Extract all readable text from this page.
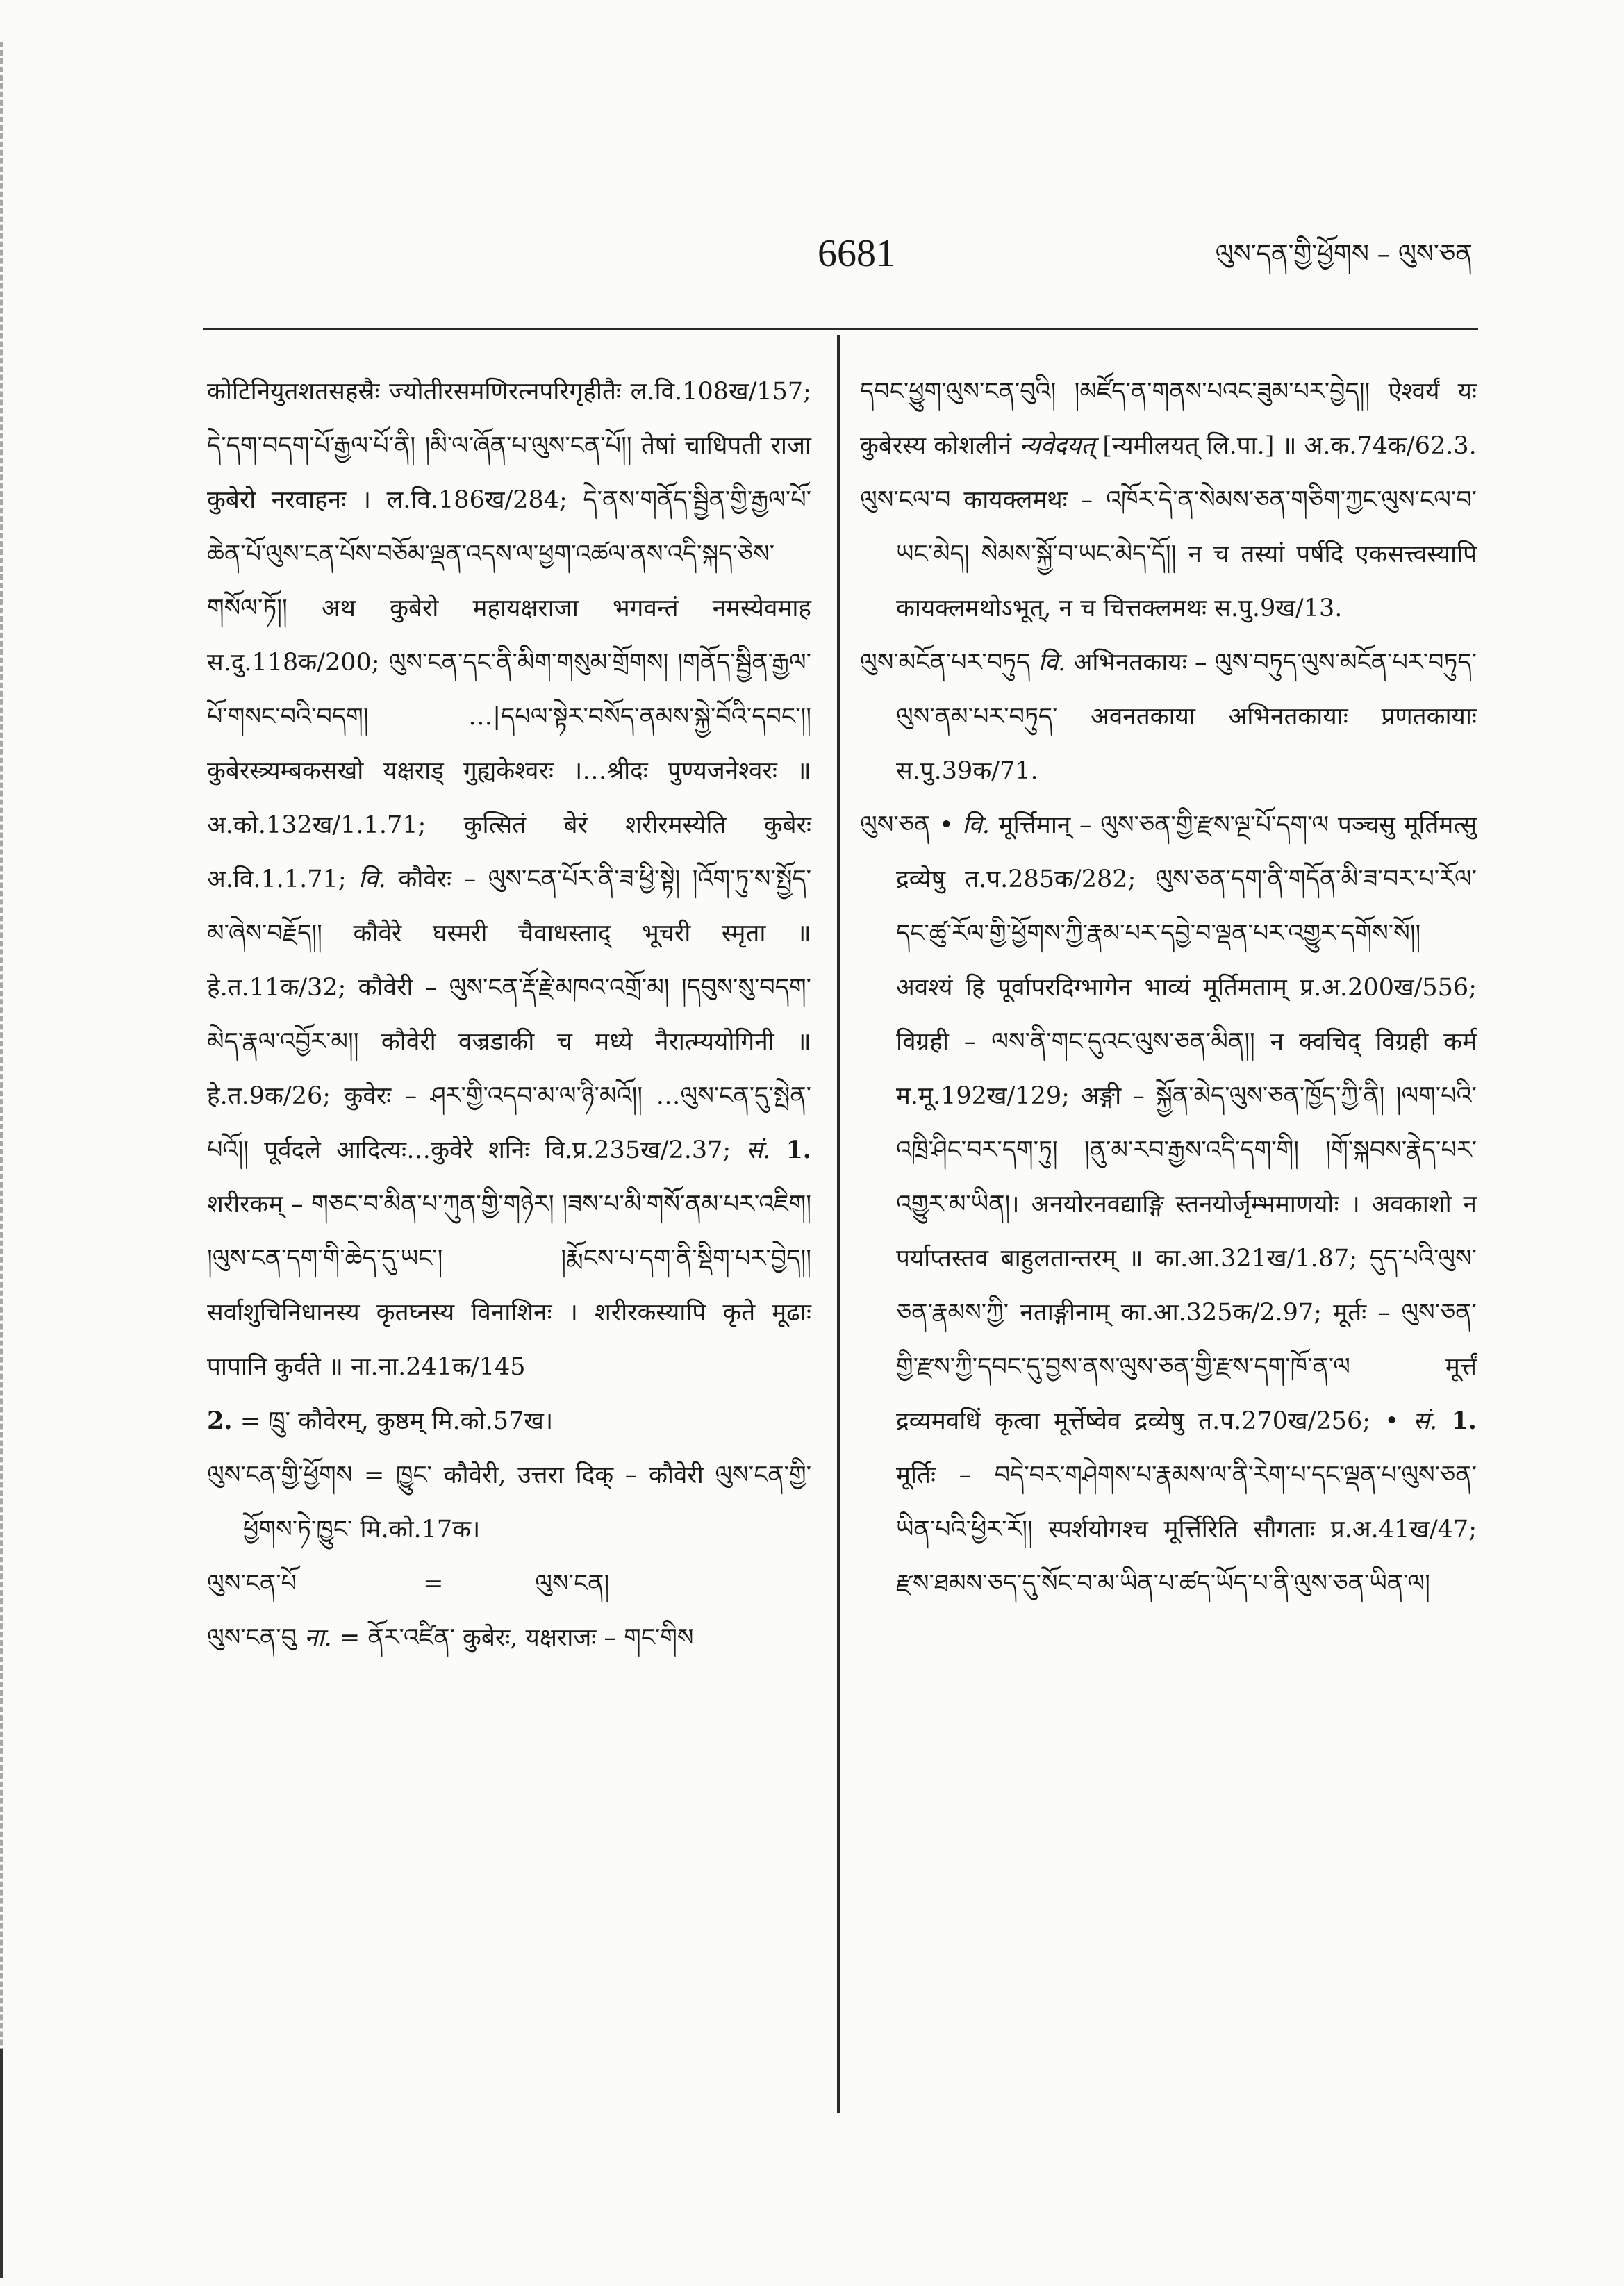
6681	ལུས་དན་གྱི་ཕྱོགས – ལུས་ཅན

कोटिनियुतशतसहस्रैः ज्योतीरसमणिरत्नपरिगृहीतैः ल.वि.108ख/157; དེ་དག་བདག་པོ་རྒྱལ་པོ་ནི། །མི་ལ་ཞོན་པ་ལུས་ངན་པོ།། तेषां चाधिपती राजा कुबेरो नरवाहनः । ल.वि.186ख/284; དེ་ནས་གནོད་སྦྱིན་གྱི་རྒྱལ་པོ་ཆེན་པོ་ལུས་ངན་པོས་བཅོམ་ལྡན་འདས་ལ་ཕྱག་འཚལ་ནས་འདི་སྐད་ཅེས་གསོལ་ཏོ།། अथ कुबेरो महायक्षराजा भगवन्तं नमस्येवमाह स.दु.118क/200; ལུས་ངན་དང་ནི་མིག་གསུམ་གྲོགས། །གནོད་སྦྱིན་རྒྱལ་པོ་གསང་བའི་བདག། …|དཔལ་སྟེར་བསོད་ནམས་སྐྱེ་བོའི་དབང་།། कुबेरस्त्र्यम्बकसखो यक्षराड् गुह्यकेश्वरः ।…श्रीदः पुण्यजनेश्वरः ॥ अ.को.132ख/1.1.71; कुत्सितं बेरं शरीरमस्येति कुबेरः अ.वि.1.1.71; वि. कौवेरः – ལུས་ངན་པོར་ནི་ཟ་ཕྱི་སྟེ། །འོག་ཏུ་ས་སྤྱོད་མ་ཞེས་བརྗོད།། कौवेरे घस्मरी चैवाधस्ताद् भूचरी स्मृता ॥ हे.त.11क/32; कौवेरी – ལུས་ངན་རྡོ་རྗེ་མཁའ་འགྲོ་མ། །དབུས་སུ་བདག་མེད་རྣལ་འབྱོར་མ།། कौवेरी वज्रडाकी च मध्ये नैरात्म्ययोगिनी ॥ हे.त.9क/26; कुवेरः – ཤར་གྱི་འདབ་མ་ལ་ཉི་མའོ།། …ལུས་ངན་དུ་སྤེན་པའོ།། पूर्वदले आदित्यः…कुवेरे शनिः वि.प्र.235ख/2.37; सं. 1. शरीरकम् – གཅང་བ་མིན་པ་ཀུན་གྱི་གཉེར། །ཟས་པ་མི་གསོ་ནམ་པར་འཇིག། །ལུས་ངན་དག་གི་ཆེད་དུ་ཡང་། །རྨོངས་པ་དག་ནི་སྡིག་པར་བྱེད།། सर्वाशुचिनिधानस्य कृतघ्नस्य विनाशिनः । शरीरकस्यापि कृते मूढाः पापानि कुर्वते ॥ ना.ना.241क/145
2. = ཁྲུ་ कौवेरम्, कुष्ठम् मि.को.57ख।

ལུས་ངན་གྱི་ཕྱོགས = ཁྱུང་ कौवेरी, उत्तरा दिक् – कौवेरी ལུས་ངན་གྱི་ཕྱོགས་ཏེ་ཁྱུང་ मि.को.17क।

ལུས་ངན་པོ	=	ལུས་ངན།

ལུས་ངན་བུ ना. = ནོར་འཛིན་ कुबेरः, यक्षराजः – གང་གིས

དབང་ཕྱུག་ལུས་ངན་བུའི། །མཛོད་ན་གནས་པའང་ཟུམ་པར་བྱེད།། ऐश्वर्यं यः कुबेरस्य कोशलीनं न्यवेदयत् [न्यमीलयत् लि.पा.] ॥ अ.क.74क/62.3.

ལུས་ངལ་བ कायक्लमथः – འཁོར་དེ་ན་སེམས་ཅན་གཅིག་ཀྱང་ལུས་ངལ་བ་ཡང་མེད། སེམས་སྐྱོ་བ་ཡང་མེད་དོ།། न च तस्यां पर्षदि एकसत्त्वस्यापि कायक्लमथोऽभूत्, न च चित्तक्लमथः स.पु.9ख/13.

ལུས་མངོན་པར་བཏུད वि. अभिनतकायः – ལུས་བཏུད་ལུས་མངོན་པར་བཏུད་ལུས་ནམ་པར་བཏུད་ अवनतकाया अभिनतकायाः प्रणतकायाः स.पु.39क/71.

ལུས་ཅན • वि. मूर्त्तिमान् – ལུས་ཅན་གྱི་རྫས་ལྔ་པོ་དག་ལ पञ्चसु मूर्तिमत्सु द्रव्येषु त.प.285क/282; ལུས་ཅན་དག་ནི་གདོན་མི་ཟ་བར་པ་རོལ་དང་ཚུ་རོལ་གྱི་ཕྱོགས་ཀྱི་རྣམ་པར་དབྱེ་བ་ལྡན་པར་འགྱུར་དགོས་སོ།། अवश्यं हि पूर्वापरदिग्भागेन भाव्यं मूर्तिमताम् प्र.अ.200ख/556; विग्रही – ལས་ནི་གང་དུའང་ལུས་ཅན་མིན།། न क्वचिद् विग्रही कर्म म.मू.192ख/129; अङ्गी – སྐྱོན་མེད་ལུས་ཅན་ཁྱོད་ཀྱི་ནི། །ལག་པའི་འཁྲི་ཤིང་བར་དག་ཏུ། །ནུ་མ་རབ་རྒྱས་འདི་དག་གི། །གོ་སྐབས་རྣེད་པར་འགྱུར་མ་ཡིན།। अनयोरनवद्याङ्गि स्तनयोर्जृम्भमाणयोः । अवकाशो न पर्याप्तस्तव बाहुलतान्तरम् ॥ का.आ.321ख/1.87; དུད་པའི་ལུས་ཅན་རྣམས་ཀྱི་ नताङ्गीनाम् का.आ.325क/2.97; मूर्तः – ལུས་ཅན་གྱི་རྫས་ཀྱི་དབང་དུ་བྱས་ནས་ལུས་ཅན་གྱི་རྫས་དག་ཁོ་ན་ལ मूर्त्तं द्रव्यमवधिं कृत्वा मूर्त्तेष्वेव द्रव्येषु त.प.270ख/256; • सं. 1. मूर्तिः – བདེ་བར་གཤེགས་པ་རྣམས་ལ་ནི་རེག་པ་དང་ལྡན་པ་ལུས་ཅན་ཡིན་པའི་ཕྱིར་རོ།། स्पर्शयोगश्च मूर्त्तिरिति सौगताः प्र.अ.41ख/47; རྫས་ཐམས་ཅད་དུ་སོང་བ་མ་ཡིན་པ་ཚད་ཡོད་པ་ནི་ལུས་ཅན་ཡིན་ལ།
